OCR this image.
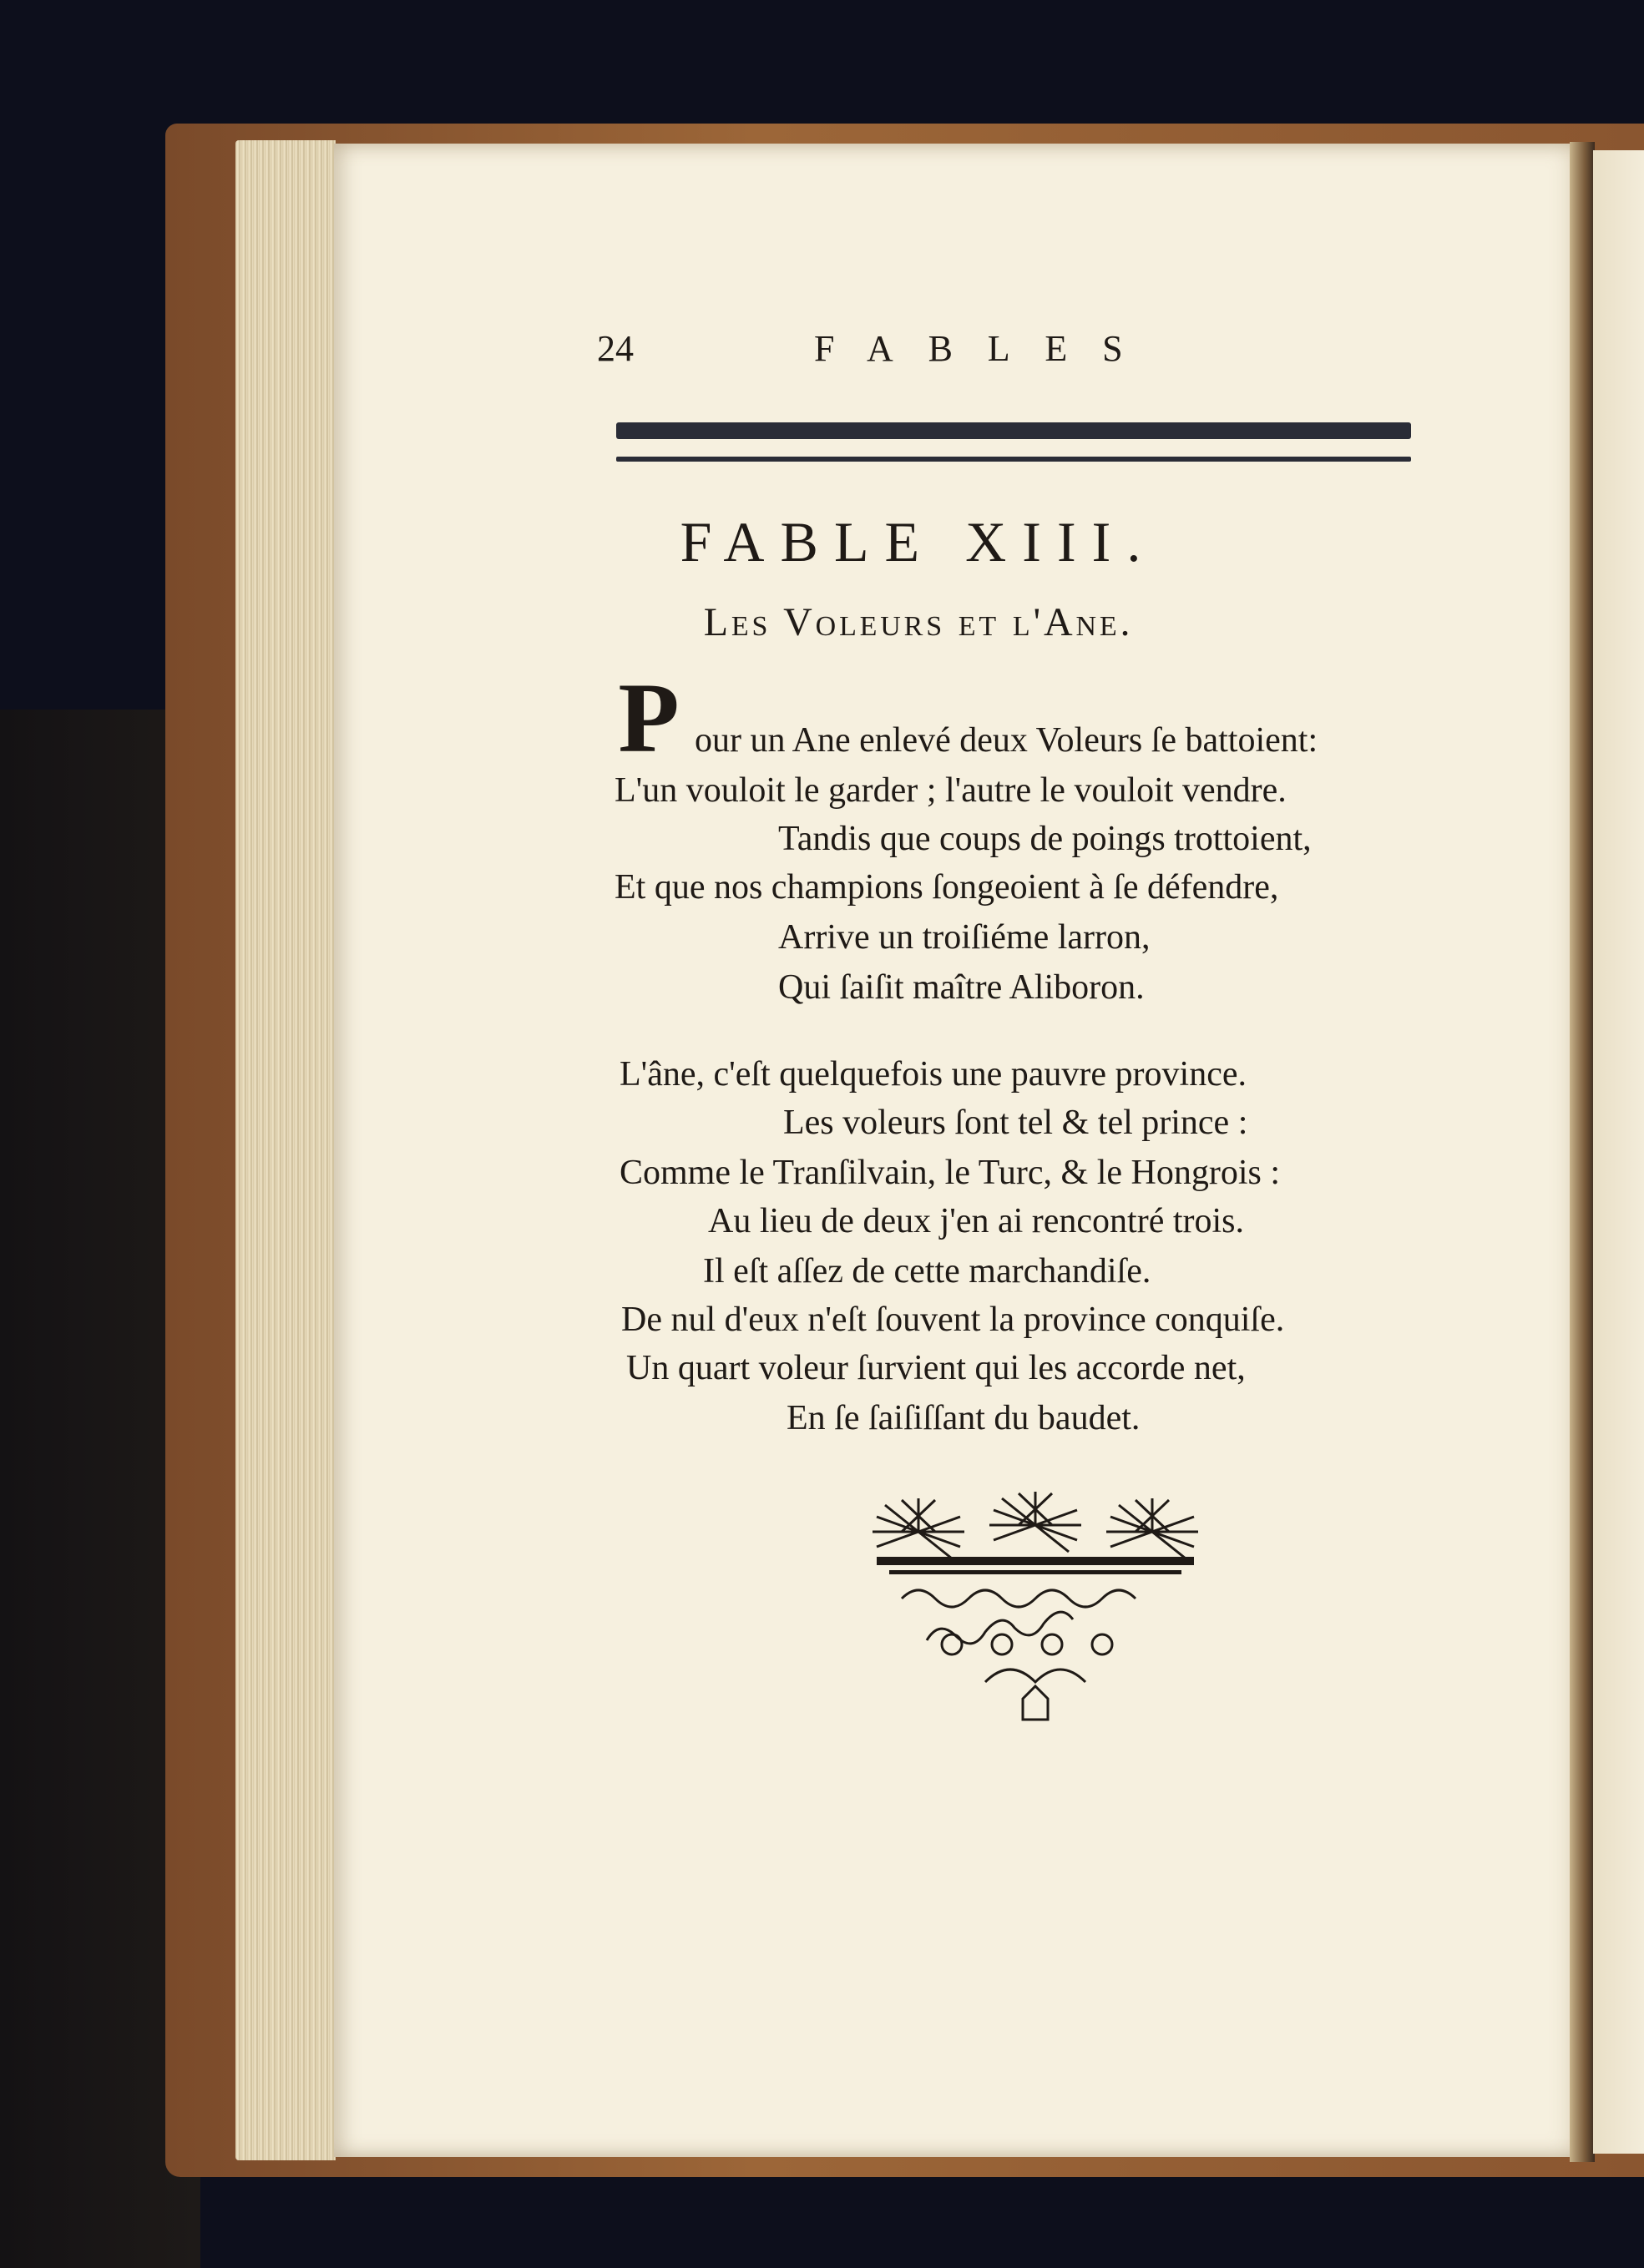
24	FABLES
FABLE XIII.
Les Voleurs et l'Ane.
P our un Ane enlevé deux Voleurs ſe battoient:
L'un vouloit le garder ; l'autre le vouloit vendre.
Tandis que coups de poings trottoient,
Et que nos champions ſongeoient à ſe défendre,
Arrive un troiſiéme larron,
Qui ſaiſit maître Aliboron.
L'âne, c'eſt quelquefois une pauvre province.
Les voleurs ſont tel & tel prince :
Comme le Tranſilvain, le Turc, & le Hongrois :
Au lieu de deux j'en ai rencontré trois.
Il eſt aſſez de cette marchandiſe.
De nul d'eux n'eſt ſouvent la province conquiſe.
Un quart voleur ſurvient qui les accorde net,
En ſe ſaiſiſſant du baudet.
